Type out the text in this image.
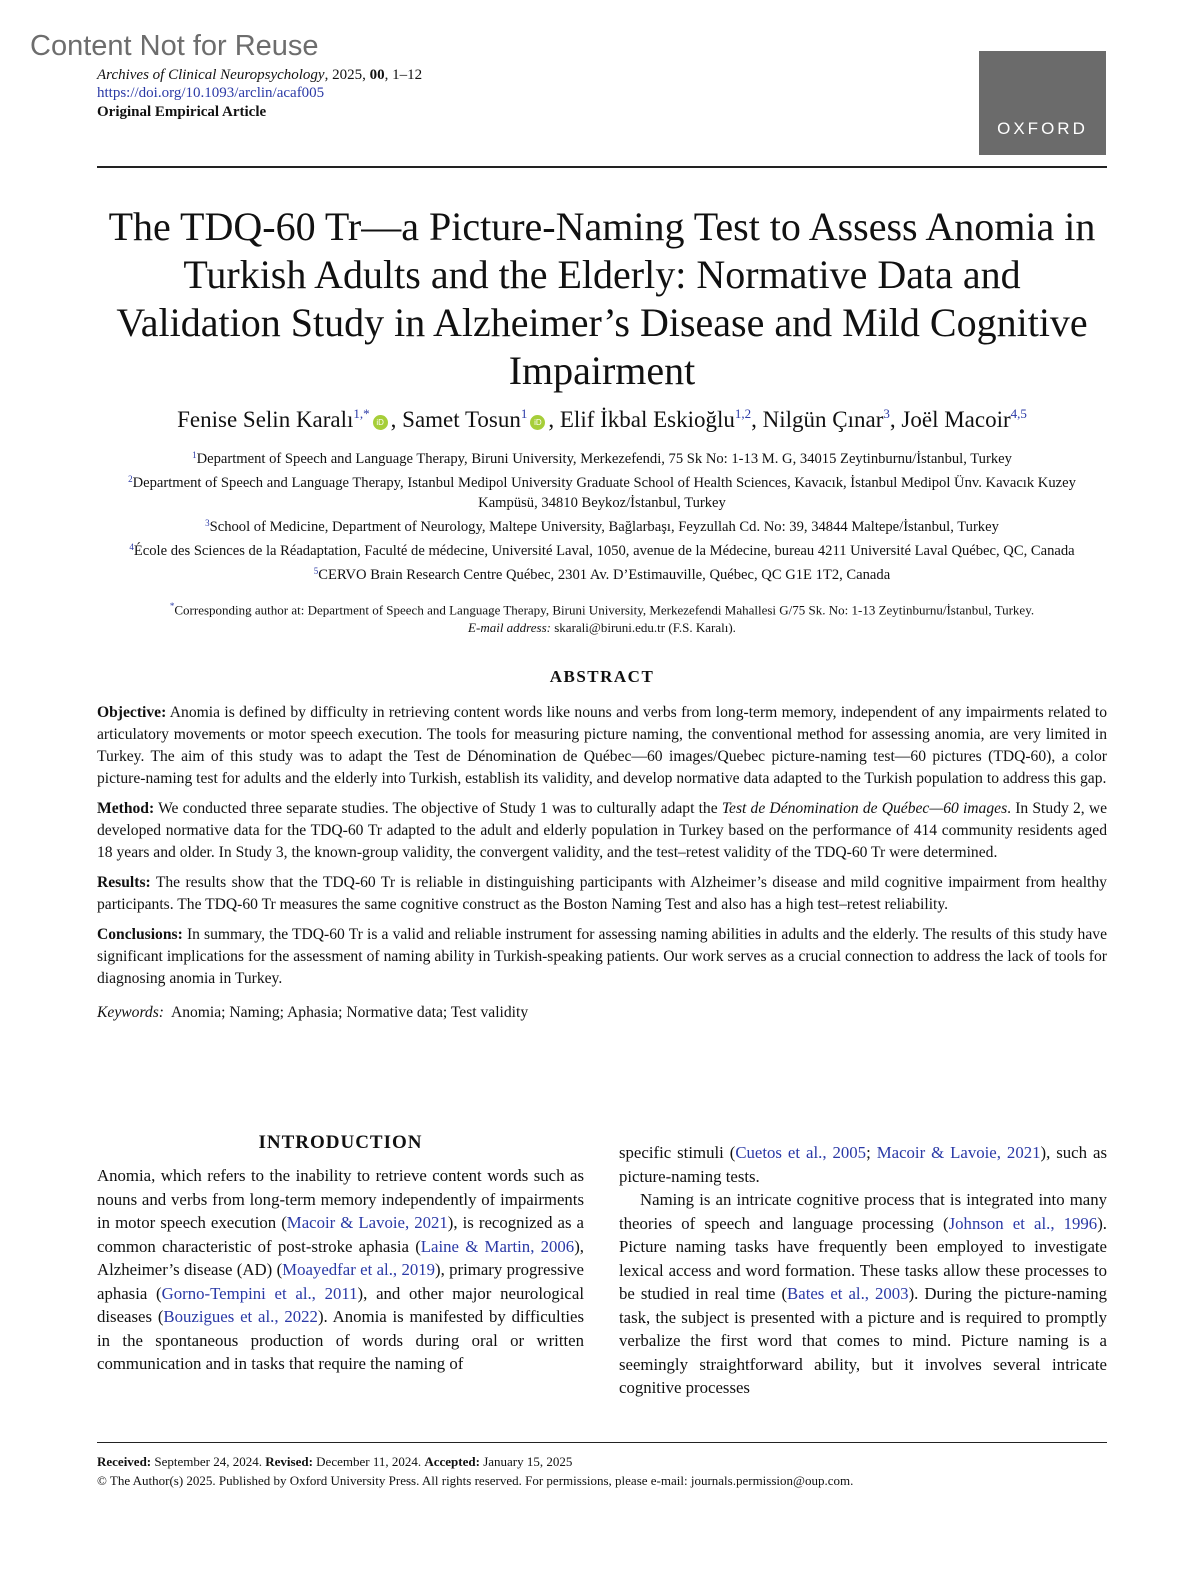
Content Not for Reuse
Archives of Clinical Neuropsychology, 2025, 00, 1–12
https://doi.org/10.1093/arclin/acaf005
Original Empirical Article
OXFORD
The TDQ-60 Tr—a Picture-Naming Test to Assess Anomia in Turkish Adults and the Elderly: Normative Data and Validation Study in Alzheimer’s Disease and Mild Cognitive Impairment
Fenise Selin Karalı$^{1,*}$iD , Samet Tosun$^1$iD , Elif İkbal Eskioğlu$^{1,2}$, Nilgün Çınar$^3$, Joël Macoir$^{4,5}$
$^1$Department of Speech and Language Therapy, Biruni University, Merkezefendi, 75 Sk No: 1-13 M. G, 34015 Zeytinburnu/İstanbul, Turkey
$^2$Department of Speech and Language Therapy, Istanbul Medipol University Graduate School of Health Sciences, Kavacık, İstanbul Medipol Ünv. Kavacık Kuzey Kampüsü, 34810 Beykoz/İstanbul, Turkey
$^3$School of Medicine, Department of Neurology, Maltepe University, Bağlarbaşı, Feyzullah Cd. No: 39, 34844 Maltepe/İstanbul, Turkey
$^4$École des Sciences de la Réadaptation, Faculté de médecine, Université Laval, 1050, avenue de la Médecine, bureau 4211 Université Laval Québec, QC, Canada
$^5$CERVO Brain Research Centre Québec, 2301 Av. D’Estimauville, Québec, QC G1E 1T2, Canada
*Corresponding author at: Department of Speech and Language Therapy, Biruni University, Merkezefendi Mahallesi G/75 Sk. No: 1-13 Zeytinburnu/İstanbul, Turkey.
E-mail address: skarali@biruni.edu.tr (F.S. Karalı).
ABSTRACT

Objective: Anomia is defined by difficulty in retrieving content words like nouns and verbs from long-term memory, independent of any impairments related to articulatory movements or motor speech execution. The tools for measuring picture naming, the conventional method for assessing anomia, are very limited in Turkey. The aim of this study was to adapt the Test de Dénomination de Québec—60 images/Quebec picture-naming test—60 pictures (TDQ-60), a color picture-naming test for adults and the elderly into Turkish, establish its validity, and develop normative data adapted to the Turkish population to address this gap.

Method: We conducted three separate studies. The objective of Study 1 was to culturally adapt the Test de Dénomination de Québec—60 images. In Study 2, we developed normative data for the TDQ-60 Tr adapted to the adult and elderly population in Turkey based on the performance of 414 community residents aged 18 years and older. In Study 3, the known-group validity, the convergent validity, and the test–retest validity of the TDQ-60 Tr were determined.

Results: The results show that the TDQ-60 Tr is reliable in distinguishing participants with Alzheimer’s disease and mild cognitive impairment from healthy participants. The TDQ-60 Tr measures the same cognitive construct as the Boston Naming Test and also has a high test–retest reliability.

Conclusions: In summary, the TDQ-60 Tr is a valid and reliable instrument for assessing naming abilities in adults and the elderly. The results of this study have significant implications for the assessment of naming ability in Turkish-speaking patients. Our work serves as a crucial connection to address the lack of tools for diagnosing anomia in Turkey.

Keywords: Anomia; Naming; Aphasia; Normative data; Test validity

INTRODUCTION

Anomia, which refers to the inability to retrieve content words such as nouns and verbs from long-term memory independently of impairments in motor speech execution (Macoir & Lavoie, 2021), is recognized as a common characteristic of post-stroke aphasia (Laine & Martin, 2006), Alzheimer’s disease (AD) (Moayedfar et al., 2019), primary progressive aphasia (Gorno-Tempini et al., 2011), and other major neurological diseases (Bouzigues et al., 2022). Anomia is manifested by difficulties in the spontaneous production of words during oral or written communication and in tasks that require the naming of

specific stimuli (Cuetos et al., 2005; Macoir & Lavoie, 2021), such as picture-naming tests.

Naming is an intricate cognitive process that is integrated into many theories of speech and language processing (Johnson et al., 1996). Picture naming tasks have frequently been employed to investigate lexical access and word formation. These tasks allow these processes to be studied in real time (Bates et al., 2003). During the picture-naming task, the subject is presented with a picture and is required to promptly verbalize the first word that comes to mind. Picture naming is a seemingly straightforward ability, but it involves several intricate cognitive processes

Received: September 24, 2024. Revised: December 11, 2024. Accepted: January 15, 2025
© The Author(s) 2025. Published by Oxford University Press. All rights reserved. For permissions, please e-mail: journals.permission@oup.com.
